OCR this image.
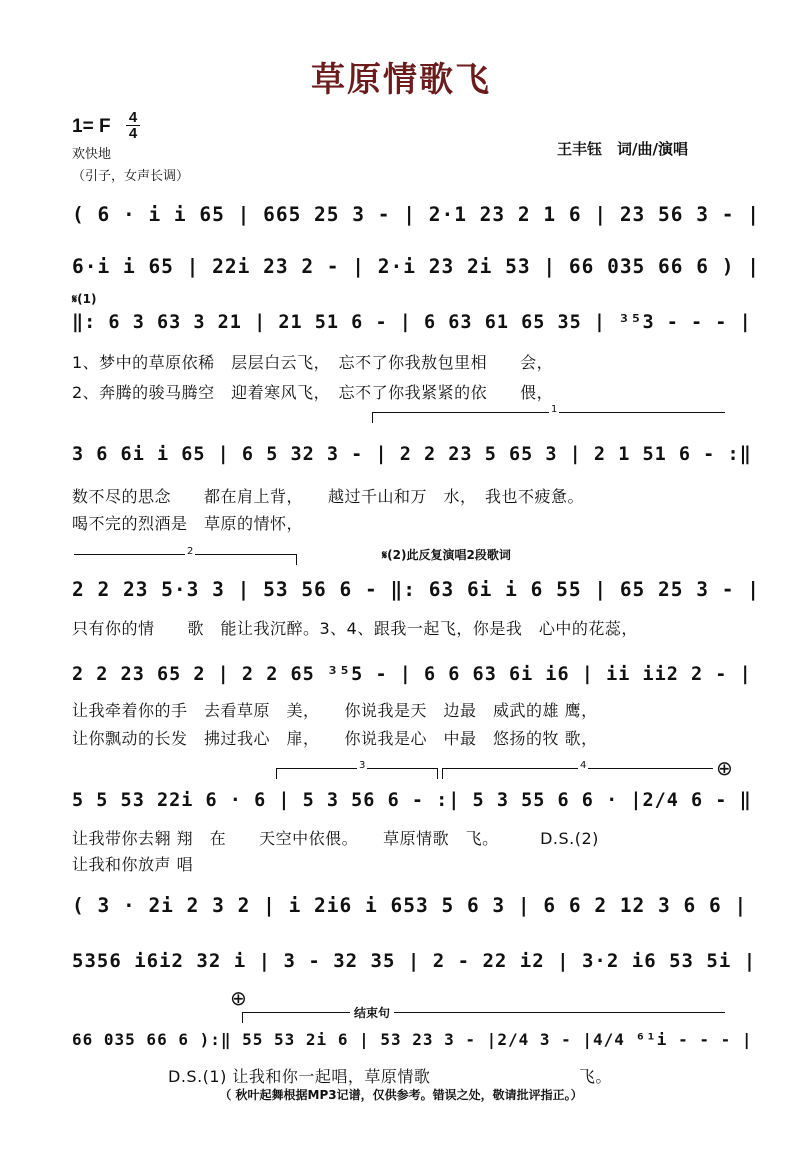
草原情歌飞
1= F	4
4
欢快地
（引子，女声长调）
王丰钰　词/曲/演唱
( 6 · i i 65 | 665 25 3 - | 2·1 23 2 1 6 | 23 56 3 - |
6·i i 65 | 22i 23 2 - | 2·i 23 2i 53 | 66 035 66 6 ) |
𝄋(1)
‖: 6 3 63 3 21 | 21 51 6 - | 6 63 61 65 35 | ³⁵3 - - - |
1、梦中的草原依稀　层层白云飞，　忘不了你我敖包里相　　会，
2、奔腾的骏马腾空　迎着寒风飞，　忘不了你我紧紧的依　　偎，
1
3 6 6i i 65 | 6 5 32 3 - | 2 2 23 5 65 3 | 2 1 51 6 - :‖
数不尽的思念　　都在肩上背，　　越过千山和万　水，　我也不疲惫。
喝不完的烈酒是　草原的情怀，
2	𝄋(2)此反复演唱2段歌词
2 2 23 5·3 3 | 53 56 6 - ‖: 63 6i i 6 55 | 65 25 3 - |
只有你的情　　歌　能让我沉醉。3、4、跟我一起飞，你是我　心中的花蕊，
2 2 23 65 2 | 2 2 65 ³⁵5 - | 6 6 63 6i i6 | ii ii2 2 - |
让我牵着你的手　去看草原　美，　　你说我是天　边最　威武的雄 鹰，
让你飘动的长发　拂过我心　扉，　　你说我是心　中最　悠扬的牧 歌，
3	4	⊕
5 5 53 22i 6 · 6 | 5 3 56 6 - :| 5 3 55 6 6 · |2/4 6 - ‖
让我带你去翱 翔　在　　天空中依偎。　　草原情歌　飞。　　　D.S.(2)
让我和你放声 唱
( 3 · 2i 2 3 2 | i 2i6 i 653 5 6 3 | 6 6 2 12 3 6 6 |
5356 i6i2 32 i | 3 - 32 35 | 2 - 22 i2 | 3·2 i6 53 5i |
⊕
结束句
66 035 66 6 ):‖ 55 53 2i 6 | 53 23 3 - |2/4 3 - |4/4 ⁶¹i - - - |
D.S.(1) 让我和你一起唱，草原情歌　　　　　　　　　飞。
（ 秋叶起舞根据MP3记谱，仅供参考。错误之处，敬请批评指正。）
